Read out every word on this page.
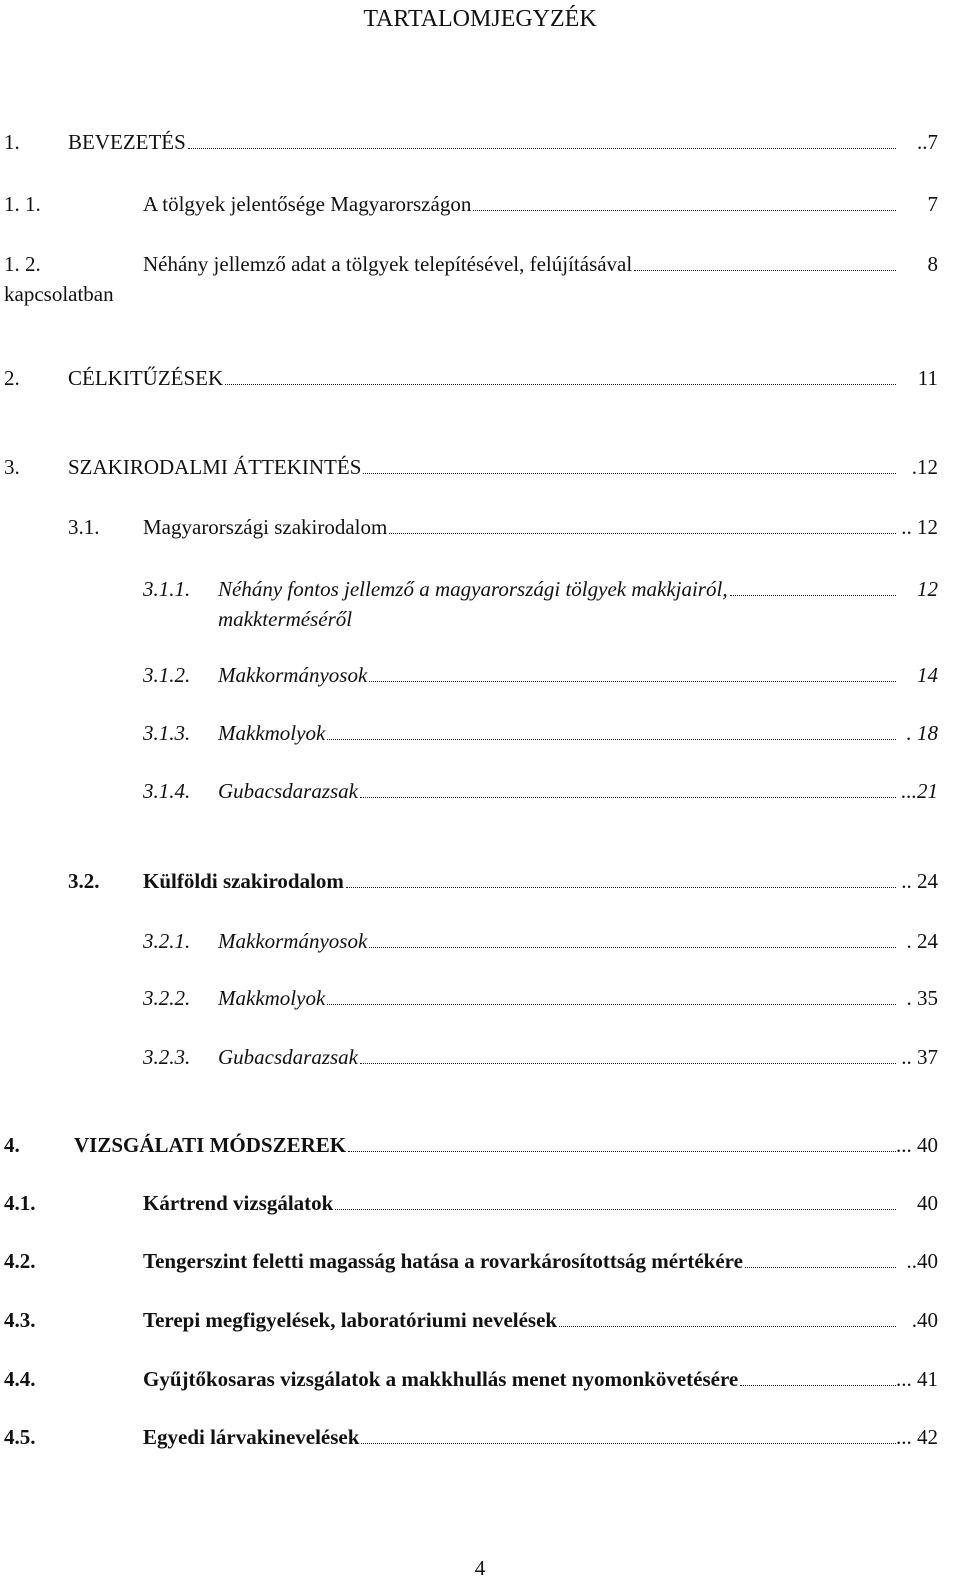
TARTALOMJEGYZÉK
1. BEVEZETÉS	..7
1. 1.	A tölgyek jelentősége Magyarországon	7
1. 2.	Néhány jellemző adat a tölgyek telepítésével, felújításával	8
kapcsolatban
2. CÉLKITŰZÉSEK	11
3. SZAKIRODALMI ÁTTEKINTÉS	.12
3.1. Magyarországi szakirodalom	.. 12
3.1.1. Néhány fontos jellemző a magyarországi tölgyek makkjairól,	12
makkterméséről
3.1.2. Makkormányosok	14
3.1.3. Makkmolyok	. 18
3.1.4. Gubacsdarazsak	...21
3.2. Külföldi szakirodalom	.. 24
3.2.1. Makkormányosok	. 24
3.2.2. Makkmolyok	. 35
3.2.3. Gubacsdarazsak	.. 37
4.	VIZSGÁLATI MÓDSZEREK	... 40
4.1.	Kártrend vizsgálatok	40
4.2.	Tengerszint feletti magasság hatása a rovarkárosítottság mértékére	..40
4.3.	Terepi megfigyelések, laboratóriumi nevelések	.40
4.4.	Gyűjtőkosaras vizsgálatok a makkhullás menet nyomonkövetésére	... 41
4.5.	Egyedi lárvakinevelések	... 42
4
